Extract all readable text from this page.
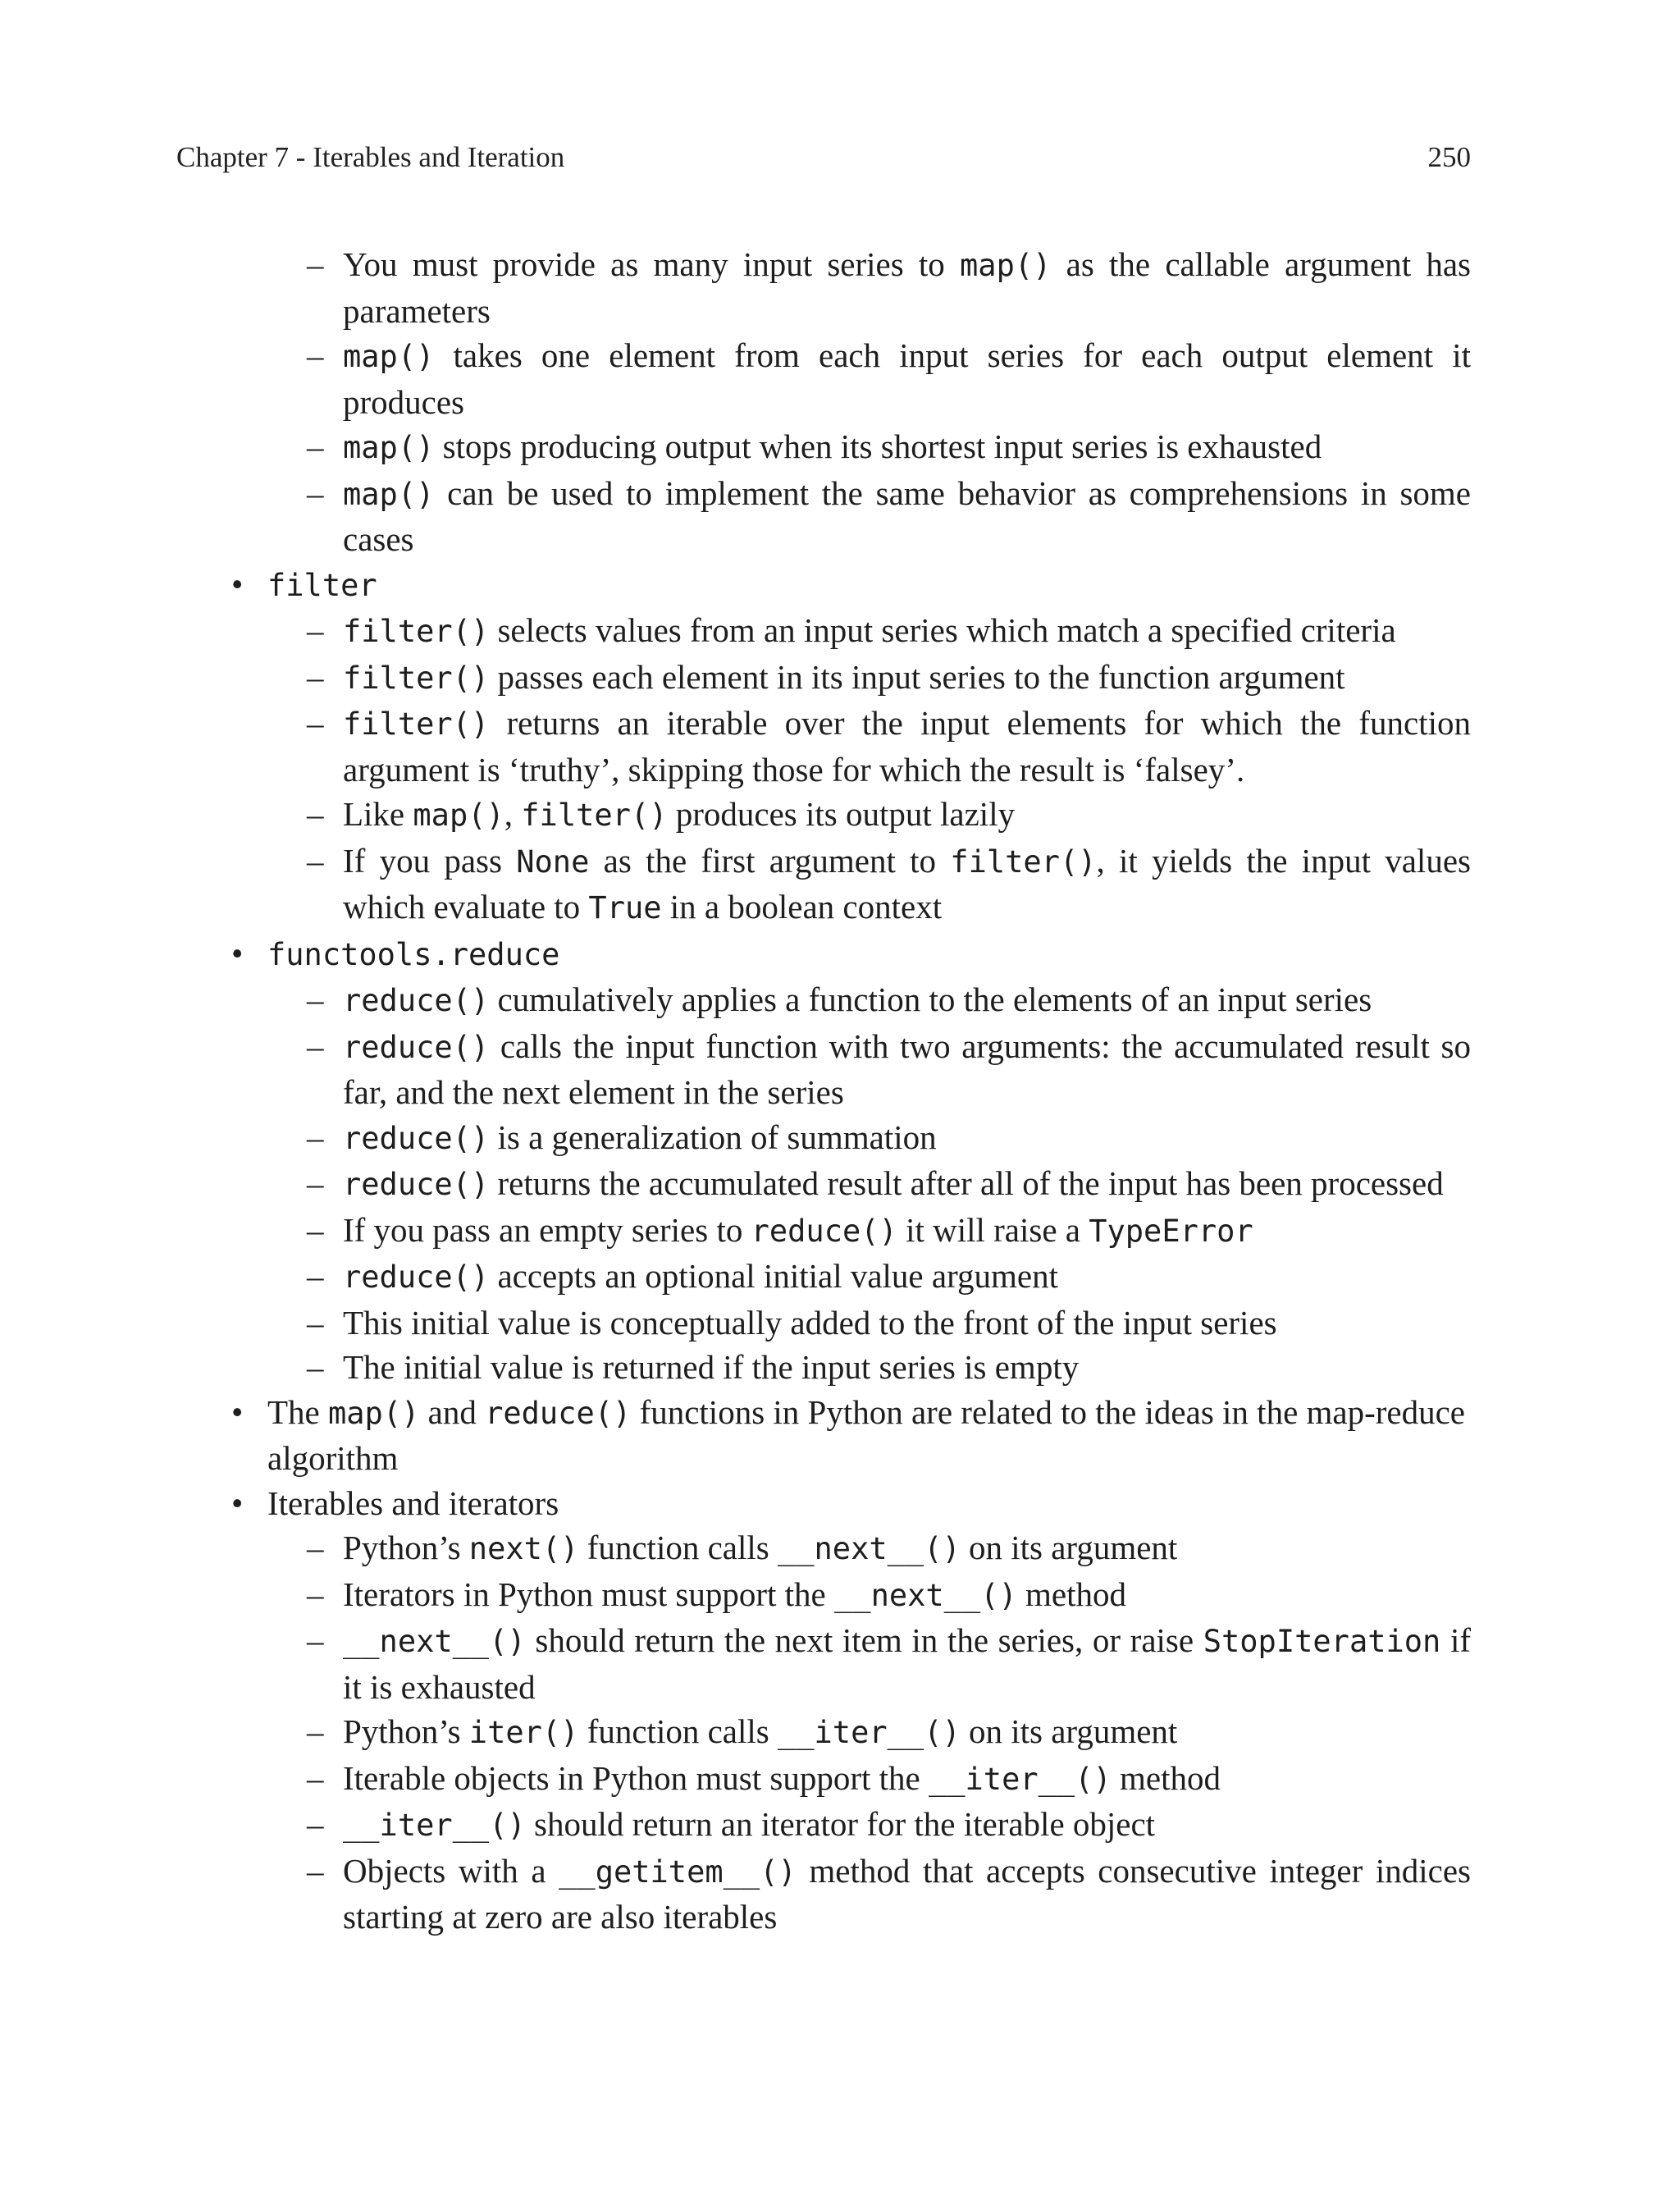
Chapter 7 - Iterables and Iteration	250
– You must provide as many input series to map() as the callable argument has parameters
– map() takes one element from each input series for each output element it produces
– map() stops producing output when its shortest input series is exhausted
– map() can be used to implement the same behavior as comprehensions in some cases
• filter
– filter() selects values from an input series which match a specified criteria
– filter() passes each element in its input series to the function argument
– filter() returns an iterable over the input elements for which the function argument is ‘truthy’, skipping those for which the result is ‘falsey’.
– Like map(), filter() produces its output lazily
– If you pass None as the first argument to filter(), it yields the input values which evaluate to True in a boolean context
• functools.reduce
– reduce() cumulatively applies a function to the elements of an input series
– reduce() calls the input function with two arguments: the accumulated result so far, and the next element in the series
– reduce() is a generalization of summation
– reduce() returns the accumulated result after all of the input has been processed
– If you pass an empty series to reduce() it will raise a TypeError
– reduce() accepts an optional initial value argument
– This initial value is conceptually added to the front of the input series
– The initial value is returned if the input series is empty
• The map() and reduce() functions in Python are related to the ideas in the map-reduce algorithm
• Iterables and iterators
– Python’s next() function calls __next__() on its argument
– Iterators in Python must support the __next__() method
– __next__() should return the next item in the series, or raise StopIteration if it is exhausted
– Python’s iter() function calls __iter__() on its argument
– Iterable objects in Python must support the __iter__() method
– __iter__() should return an iterator for the iterable object
– Objects with a __getitem__() method that accepts consecutive integer indices starting at zero are also iterables
